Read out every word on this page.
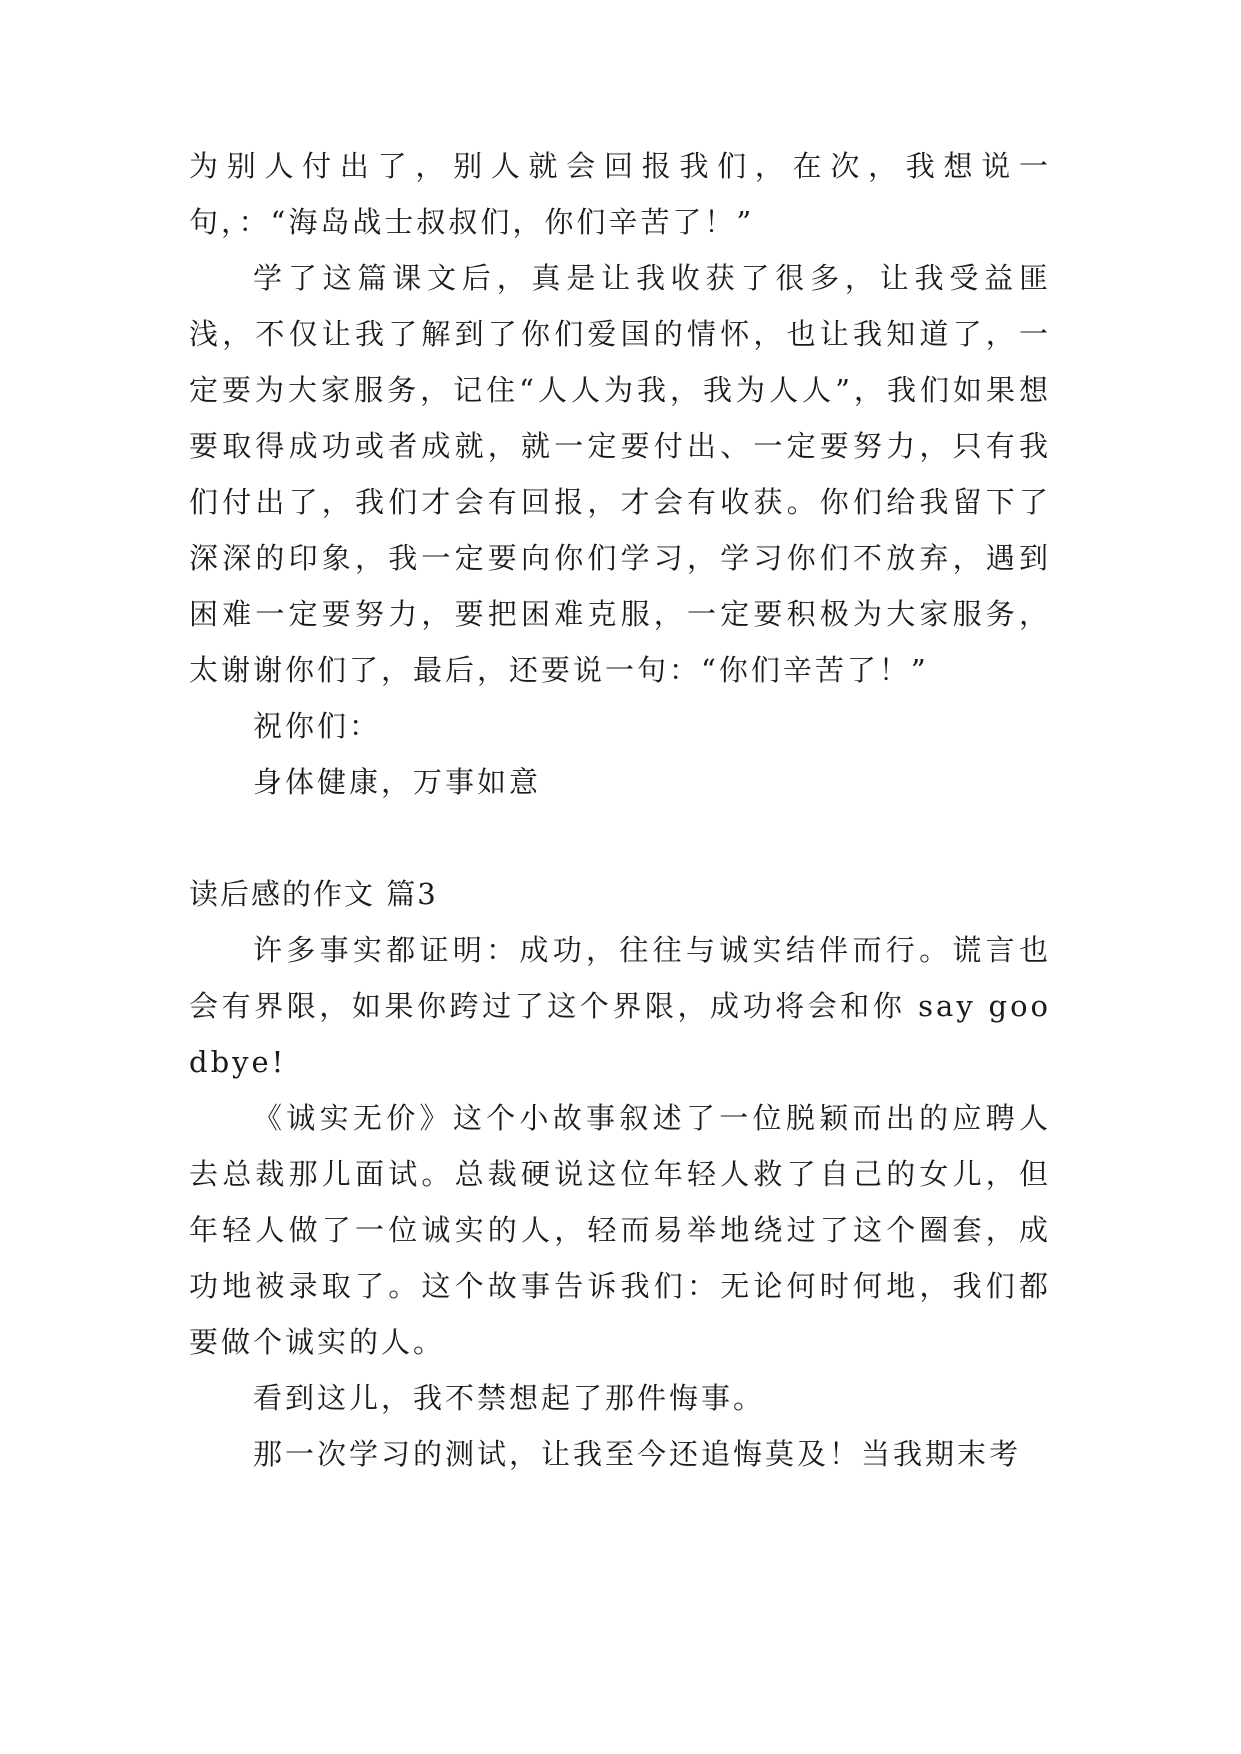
为别人付出了，别人就会回报我们，在次，我想说一句，：“海岛战士叔叔们，你们辛苦了！”

学了这篇课文后，真是让我收获了很多，让我受益匪浅，不仅让我了解到了你们爱国的情怀，也让我知道了，一定要为大家服务，记住“人人为我，我为人人”，我们如果想要取得成功或者成就，就一定要付出、一定要努力，只有我们付出了，我们才会有回报，才会有收获。你们给我留下了深深的印象，我一定要向你们学习，学习你们不放弃，遇到困难一定要努力，要把困难克服，一定要积极为大家服务，太谢谢你们了，最后，还要说一句：“你们辛苦了！”

祝你们：

身体健康，万事如意

读后感的作文 篇3

许多事实都证明：成功，往往与诚实结伴而行。谎言也会有界限，如果你跨过了这个界限，成功将会和你 say goodbye!

《诚实无价》这个小故事叙述了一位脱颖而出的应聘人去总裁那儿面试。总裁硬说这位年轻人救了自己的女儿，但年轻人做了一位诚实的人，轻而易举地绕过了这个圈套，成功地被录取了。这个故事告诉我们：无论何时何地，我们都要做个诚实的人。

看到这儿，我不禁想起了那件悔事。

那一次学习的测试，让我至今还追悔莫及！当我期末考
